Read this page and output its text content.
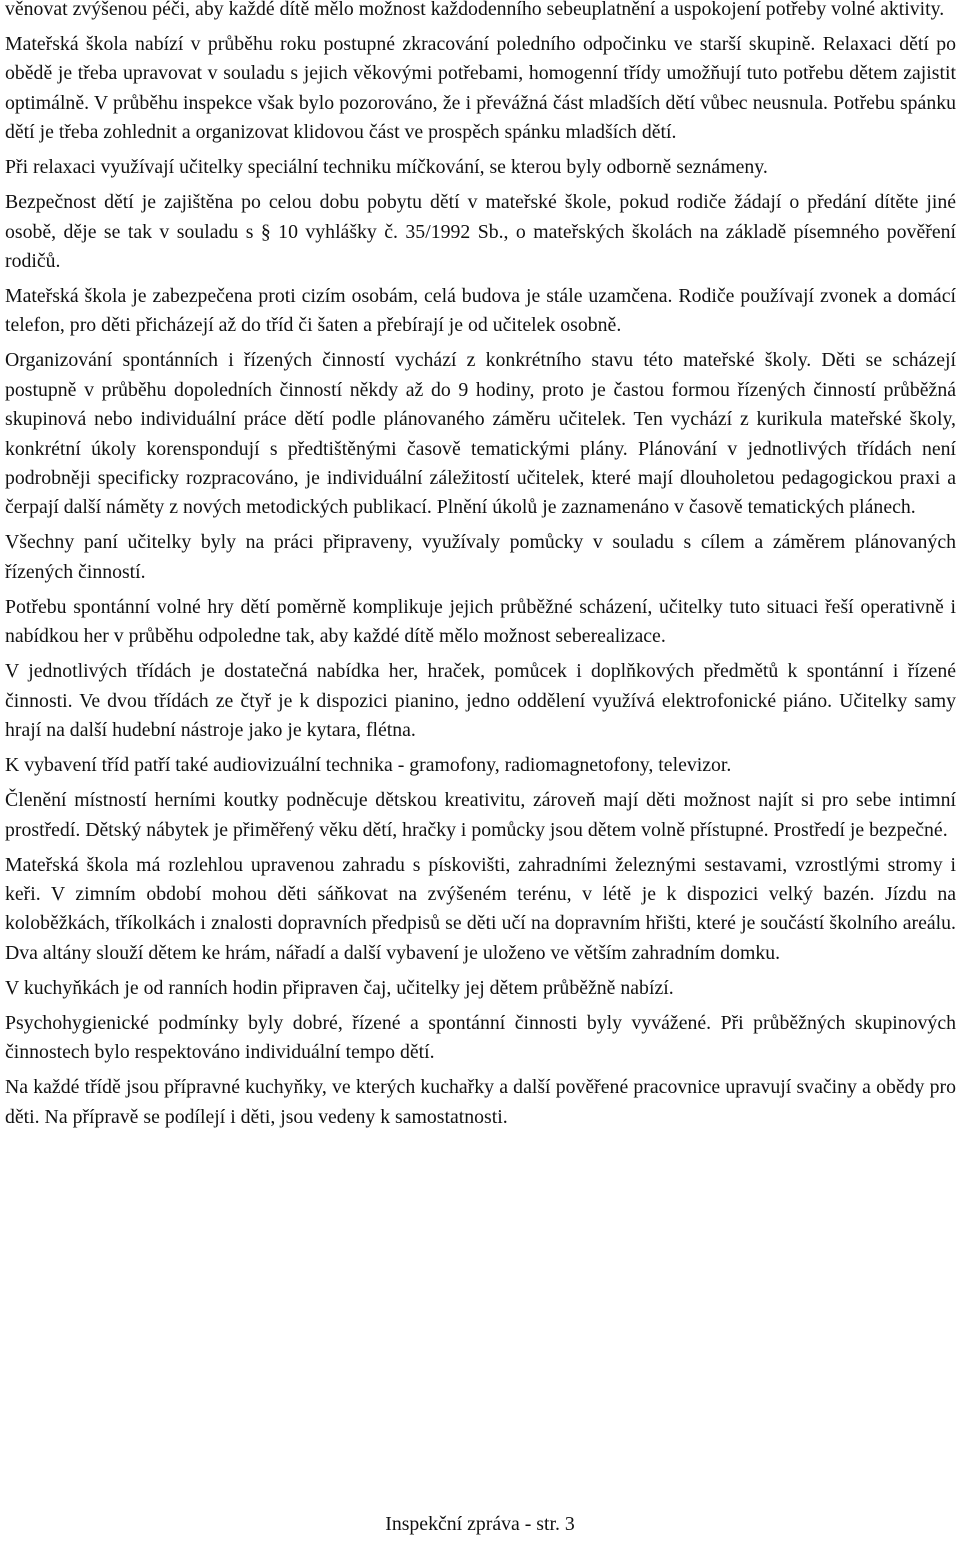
věnovat zvýšenou péči, aby každé dítě mělo možnost každodenního sebeuplatnění a uspokojení potřeby volné aktivity.

Mateřská škola nabízí v průběhu roku postupné zkracování poledního odpočinku ve starší skupině. Relaxaci dětí po obědě je třeba upravovat v souladu s jejich věkovými potřebami, homogenní třídy umožňují tuto potřebu dětem zajistit optimálně. V průběhu inspekce však bylo pozorováno, že i převážná část mladších dětí vůbec neusnula. Potřebu spánku dětí je třeba zohlednit a organizovat klidovou část ve prospěch spánku mladších dětí.

Při relaxaci využívají učitelky speciální techniku míčkování, se kterou byly odborně seznámeny.

Bezpečnost dětí je zajištěna po celou dobu pobytu dětí v mateřské škole, pokud rodiče žádají o předání dítěte jiné osobě, děje se tak v souladu s § 10 vyhlášky č. 35/1992 Sb., o mateřských školách na základě písemného pověření rodičů.

Mateřská škola je zabezpečena proti cizím osobám, celá budova je stále uzamčena. Rodiče používají zvonek a domácí telefon, pro děti přicházejí až do tříd či šaten a přebírají je od učitelek osobně.

Organizování spontánních i řízených činností vychází z konkrétního stavu této mateřské školy. Děti se scházejí postupně v průběhu dopoledních činností někdy až do 9 hodiny, proto je častou formou řízených činností průběžná skupinová nebo individuální práce dětí podle plánovaného záměru učitelek. Ten vychází z kurikula mateřské školy, konkrétní úkoly korenspondují s předtištěnými časově tematickými plány. Plánování v jednotlivých třídách není podrobněji specificky rozpracováno, je individuální záležitostí učitelek, které mají dlouholetou pedagogickou praxi a čerpají další náměty z nových metodických publikací. Plnění úkolů je zaznamenáno v časově tematických plánech.

Všechny paní učitelky byly na práci připraveny, využívaly pomůcky v souladu s cílem a záměrem plánovaných řízených činností.

Potřebu spontánní volné hry dětí poměrně komplikuje jejich průběžné scházení, učitelky tuto situaci řeší operativně i nabídkou her v průběhu odpoledne tak, aby každé dítě mělo možnost seberealizace.

V jednotlivých třídách je dostatečná nabídka her, hraček, pomůcek i doplňkových předmětů k spontánní i řízené činnosti. Ve dvou třídách ze čtyř je k dispozici pianino, jedno oddělení využívá elektrofonické piáno. Učitelky samy hrají na další hudební nástroje jako je kytara, flétna.

K vybavení tříd patří také audiovizuální technika - gramofony, radiomagnetofony, televizor.

Členění místností herními koutky podněcuje dětskou kreativitu, zároveň mají děti možnost najít si pro sebe intimní prostředí. Dětský nábytek je přiměřený věku dětí, hračky i pomůcky jsou dětem volně přístupné. Prostředí je bezpečné.

Mateřská škola má rozlehlou upravenou zahradu s pískovišti, zahradními železnými sestavami, vzrostlými stromy i keři. V zimním období mohou děti sáňkovat na zvýšeném terénu, v létě je k dispozici velký bazén. Jízdu na koloběžkách, tříkolkách i znalosti dopravních předpisů se děti učí na dopravním hřišti, které je součástí školního areálu. Dva altány slouží dětem ke hrám, nářadí a další vybavení je uloženo ve větším zahradním domku.

V kuchyňkách je od ranních hodin připraven čaj, učitelky jej dětem průběžně nabízí.

Psychohygienické podmínky byly dobré, řízené a spontánní činnosti byly vyvážené. Při průběžných skupinových činnostech bylo respektováno individuální tempo dětí.

Na každé třídě jsou přípravné kuchyňky, ve kterých kuchařky a další pověřené pracovnice upravují svačiny a obědy pro děti. Na přípravě se podílejí i děti, jsou vedeny k samostatnosti.

Inspekční zpráva - str. 3
